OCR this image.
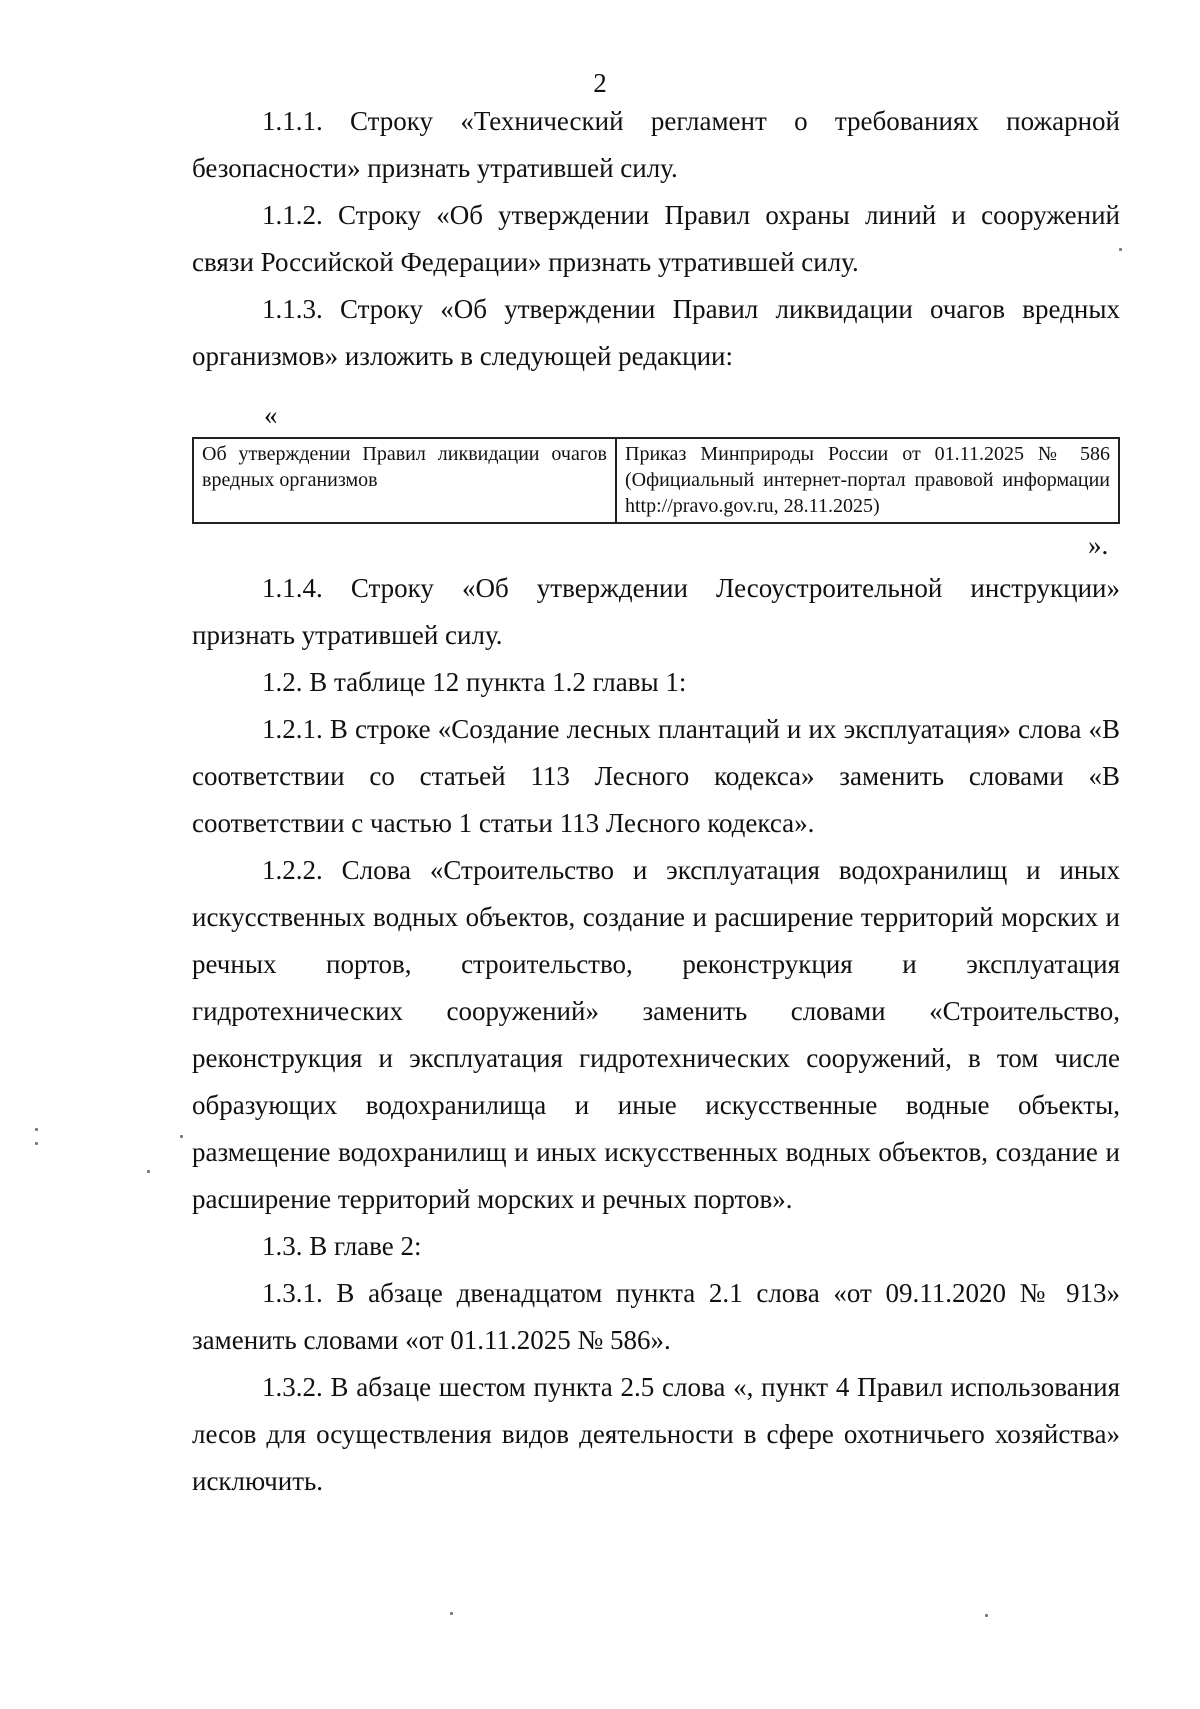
2

1.1.1. Строку «Технический регламент о требованиях пожарной безопасности» признать утратившей силу.

1.1.2. Строку «Об утверждении Правил охраны линий и сооружений связи Российской Федерации» признать утратившей силу.

1.1.3. Строку «Об утверждении Правил ликвидации очагов вредных организмов» изложить в следующей редакции:

«
Об утверждении Правил ликвидации очагов вредных организмов	Приказ Минприроды России от 01.11.2025 № 586 (Официальный интернет-портал правовой информации http://pravo.gov.ru, 28.11.2025)
».

1.1.4. Строку «Об утверждении Лесоустроительной инструкции» признать утратившей силу.

1.2. В таблице 12 пункта 1.2 главы 1:

1.2.1. В строке «Создание лесных плантаций и их эксплуатация» слова «В соответствии со статьей 113 Лесного кодекса» заменить словами «В соответствии с частью 1 статьи 113 Лесного кодекса».

1.2.2. Слова «Строительство и эксплуатация водохранилищ и иных искусственных водных объектов, создание и расширение территорий морских и речных портов, строительство, реконструкция и эксплуатация гидротехнических сооружений» заменить словами «Строительство, реконструкция и эксплуатация гидротехнических сооружений, в том числе образующих водохранилища и иные искусственные водные объекты, размещение водохранилищ и иных искусственных водных объектов, создание и расширение территорий морских и речных портов».

1.3. В главе 2:

1.3.1. В абзаце двенадцатом пункта 2.1 слова «от 09.11.2020 № 913» заменить словами «от 01.11.2025 № 586».

1.3.2. В абзаце шестом пункта 2.5 слова «, пункт 4 Правил использования лесов для осуществления видов деятельности в сфере охотничьего хозяйства» исключить.
